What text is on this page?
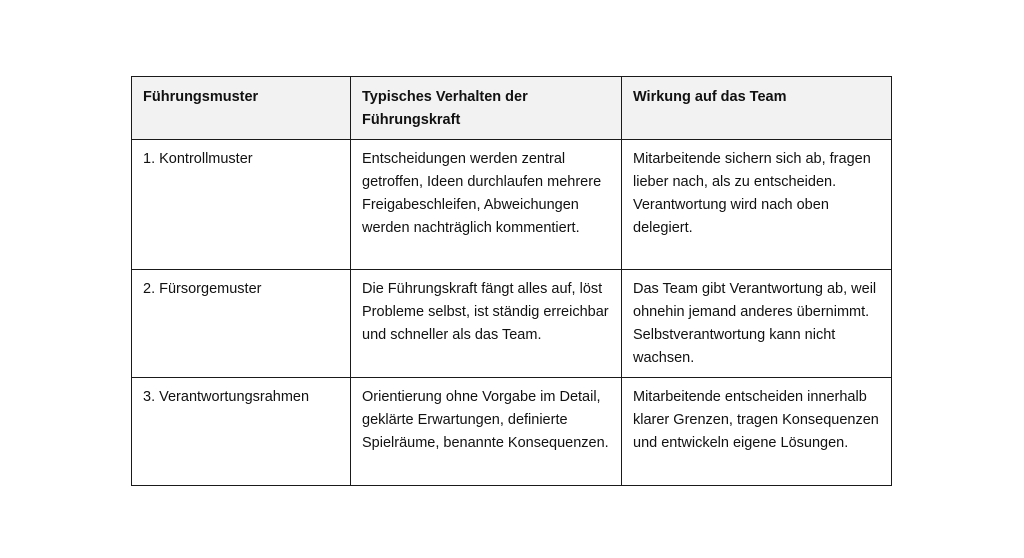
Führungsmuster	Typisches Verhalten der Führungskraft	Wirkung auf das Team
1. Kontrollmuster	Entscheidungen werden zentral getroffen, Ideen durchlaufen mehrere Freigabeschleifen, Abweichungen werden nachträglich kommentiert.	Mitarbeitende sichern sich ab, fragen lieber nach, als zu entscheiden. Verantwortung wird nach oben delegiert.
2. Fürsorgemuster	Die Führungskraft fängt alles auf, löst Probleme selbst, ist ständig erreichbar und schneller als das Team.	Das Team gibt Verantwortung ab, weil ohnehin jemand anderes übernimmt. Selbstverantwortung kann nicht wachsen.
3. Verantwortungsrahmen	Orientierung ohne Vorgabe im Detail, geklärte Erwartungen, definierte Spielräume, benannte Konsequenzen.	Mitarbeitende entscheiden innerhalb klarer Grenzen, tragen Konsequenzen und entwickeln eigene Lösungen.
